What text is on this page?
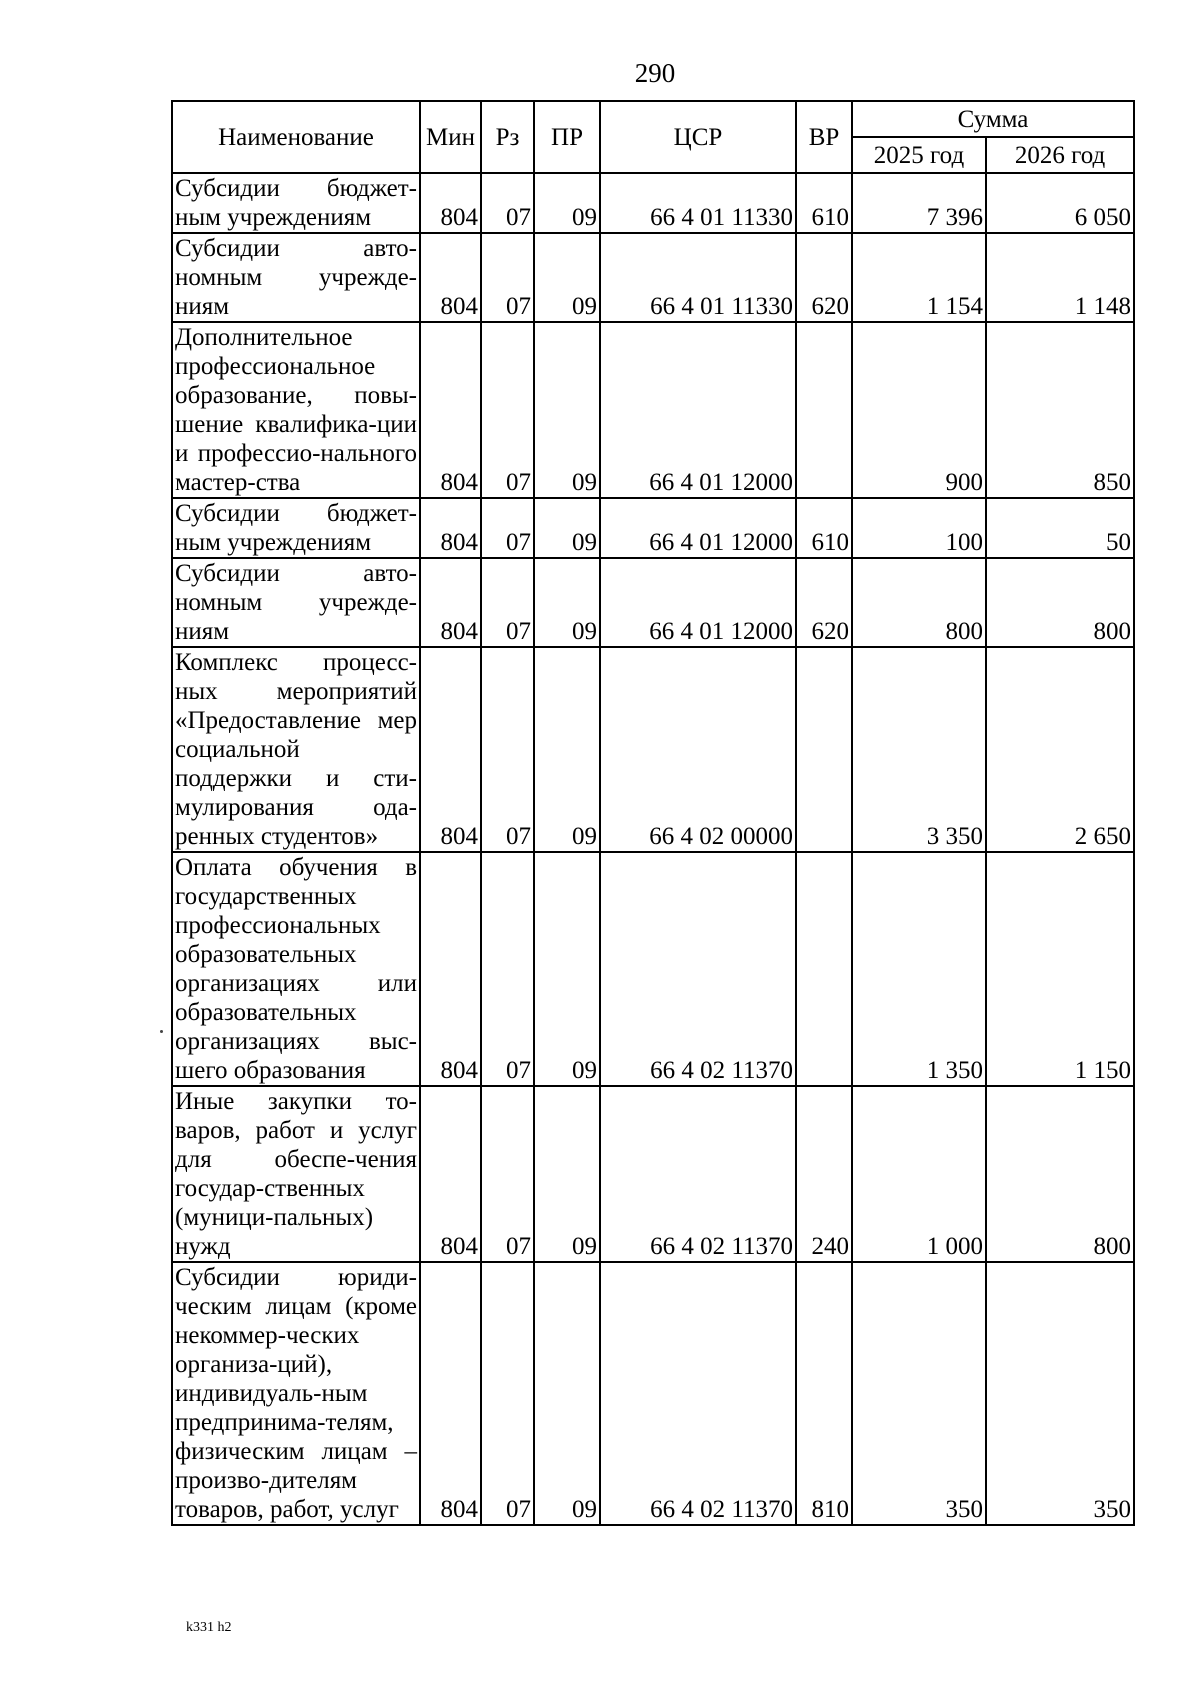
290
Наименование	Мин	Рз	ПР	ЦСР	ВР	Сумма	
						2025 год	2026 год
Субсидии бюджет-ным учреждениям	804	07	09	66 4 01 11330	610	7 396	6 050
Субсидии авто-номным учрежде-ниям	804	07	09	66 4 01 11330	620	1 154	1 148
Дополнительное профессиональное образование, повы-шение квалифика-ции и профессио-нального мастер-ства	804	07	09	66 4 01 12000		900	850
Субсидии бюджет-ным учреждениям	804	07	09	66 4 01 12000	610	100	50
Субсидии авто-номным учрежде-ниям	804	07	09	66 4 01 12000	620	800	800
Комплекс процесс-ных мероприятий «Предоставление мер социальной поддержки и сти-мулирования ода-ренных студентов»	804	07	09	66 4 02 00000		3 350	2 650
Оплата обучения в государственных профессиональных образовательных организациях или образовательных организациях выс-шего образования	804	07	09	66 4 02 11370		1 350	1 150
Иные закупки то-варов, работ и услуг для обеспе-чения государ-ственных (муници-пальных) нужд	804	07	09	66 4 02 11370	240	1 000	800
Субсидии юриди-ческим лицам (кроме некоммер-ческих организа-ций), индивидуаль-ным предпринима-телям, физическим лицам – произво-дителям товаров, работ, услуг	804	07	09	66 4 02 11370	810	350	350
k331 h2
